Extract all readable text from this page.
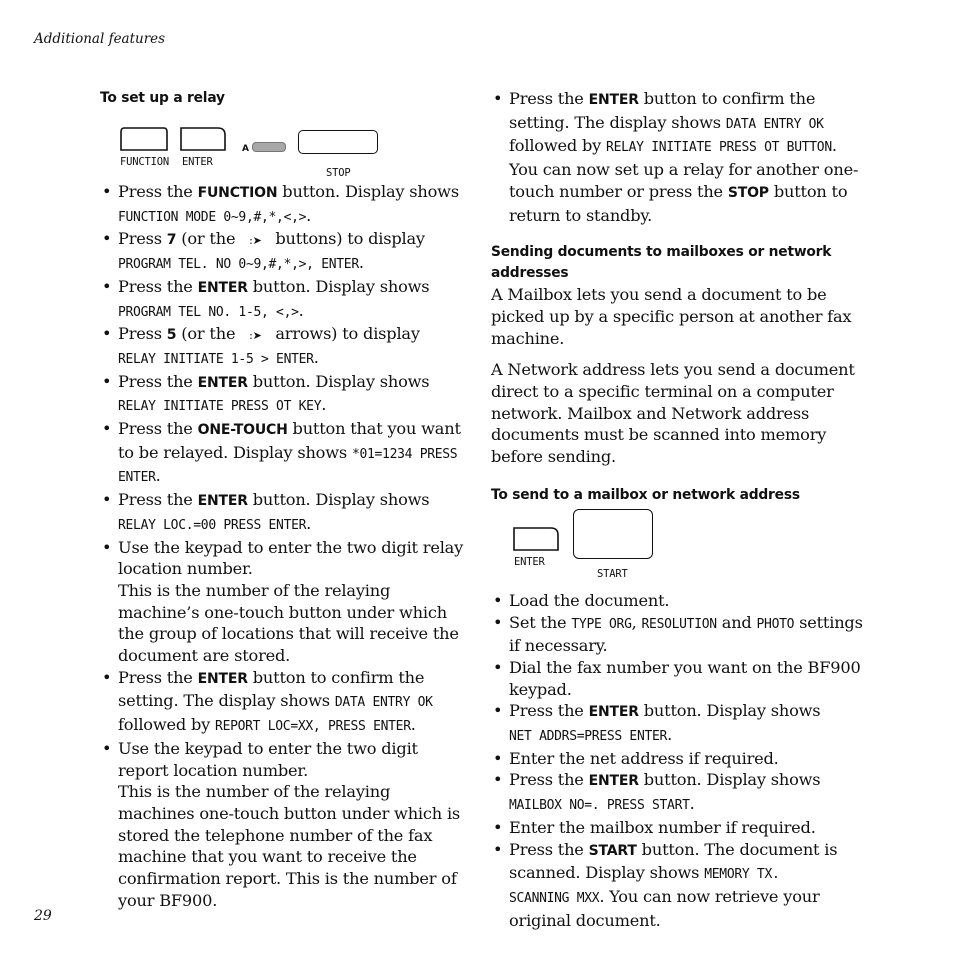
Additional features
To set up a relay
FUNCTION ENTER
A
STOP
• Press the FUNCTION button. Display shows
FUNCTION MODE 0~9,#,*,<,>.
• Press 7 (or the :➤ buttons) to display
PROGRAM TEL. NO 0~9,#,*,>, ENTER.
• Press the ENTER button. Display shows
PROGRAM TEL NO. 1-5, <,>.
• Press 5 (or the :➤ arrows) to display
RELAY INITIATE 1-5 > ENTER.
• Press the ENTER button. Display shows
RELAY INITIATE PRESS OT KEY.
• Press the ONE-TOUCH button that you want to be relayed. Display shows *01=1234 PRESS ENTER.
• Press the ENTER button. Display shows
RELAY LOC.=00 PRESS ENTER.
• Use the keypad to enter the two digit relay location number.
This is the number of the relaying machine’s one-touch button under which the group of locations that will receive the document are stored.
• Press the ENTER button to confirm the setting. The display shows DATA ENTRY OK followed by REPORT LOC=XX, PRESS ENTER.
• Use the keypad to enter the two digit report location number.
This is the number of the relaying machines one-touch button under which is stored the telephone number of the fax machine that you want to receive the confirmation report. This is the number of your BF900.
• Press the ENTER button to confirm the setting. The display shows DATA ENTRY OK followed by RELAY INITIATE PRESS OT BUTTON.
You can now set up a relay for another one-touch number or press the STOP button to return to standby.
Sending documents to mailboxes or network addresses

A Mailbox lets you send a document to be picked up by a specific person at another fax machine.

A Network address lets you send a document direct to a specific terminal on a computer network. Mailbox and Network address documents must be scanned into memory before sending.

To send to a mailbox or network address
ENTER
START
• Load the document.
• Set the TYPE ORG, RESOLUTION and PHOTO settings if necessary.
• Dial the fax number you want on the BF900 keypad.
• Press the ENTER button. Display shows
NET ADDRS=PRESS ENTER.
• Enter the net address if required.
• Press the ENTER button. Display shows
MAILBOX NO=. PRESS START.
• Enter the mailbox number if required.
• Press the START button. The document is scanned. Display shows MEMORY TX.
SCANNING MXX. You can now retrieve your original document.
29
